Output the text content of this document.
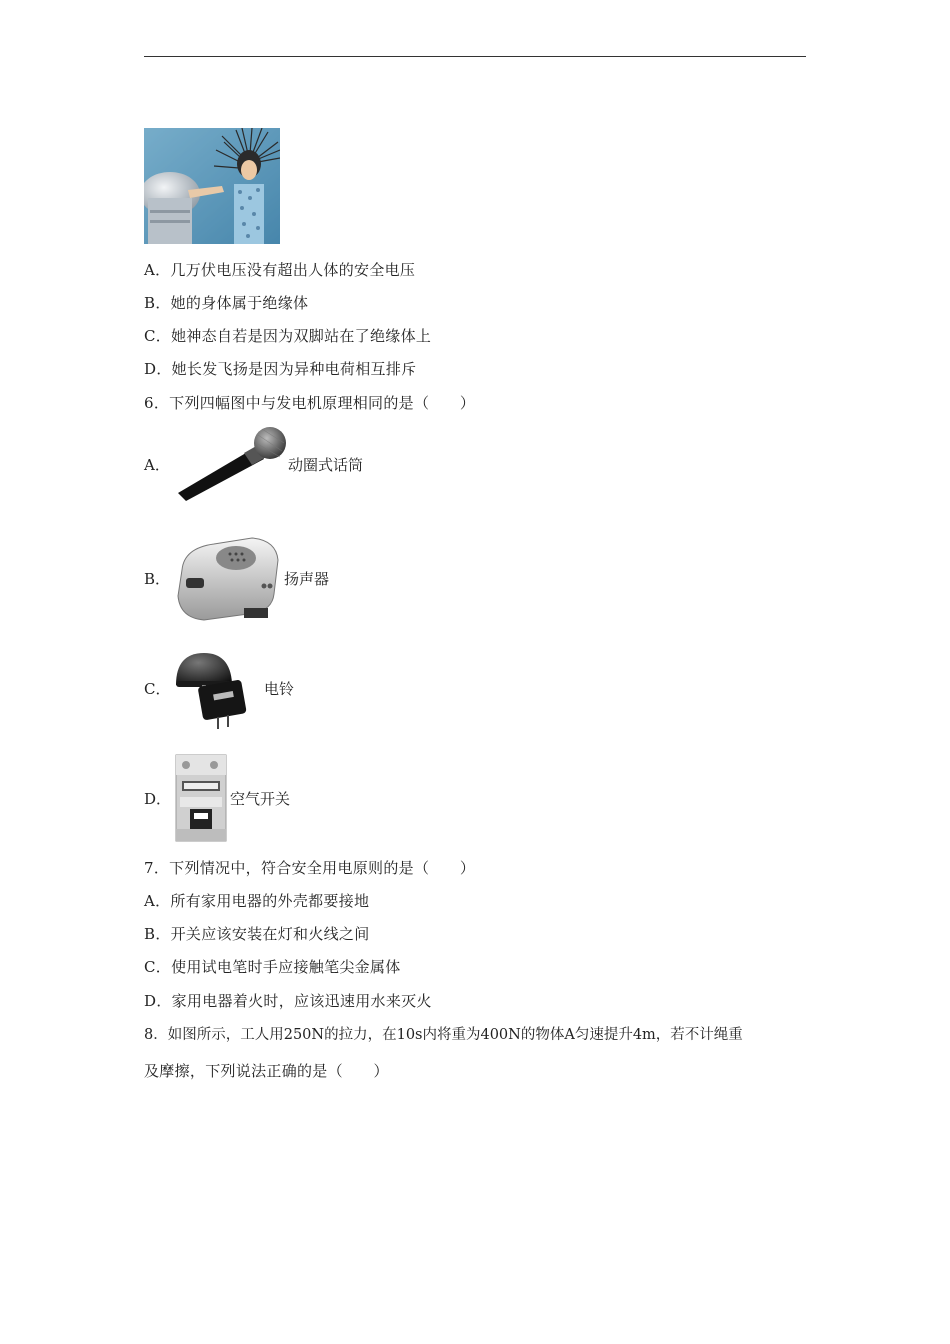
A．几万伏电压没有超出人体的安全电压
B．她的身体属于绝缘体
C．她神态自若是因为双脚站在了绝缘体上
D．她长发飞扬是因为异种电荷相互排斥
6．下列四幅图中与发电机原理相同的是（　　）
A．	动圈式话筒
B．	扬声器
C．	电铃
D．	空气开关
7．下列情况中，符合安全用电原则的是（　　）
A．所有家用电器的外壳都要接地
B．开关应该安装在灯和火线之间
C．使用试电笔时手应接触笔尖金属体
D．家用电器着火时，应该迅速用水来灭火
8．如图所示，工人用250N的拉力，在10s内将重为400N的物体A匀速提升4m，若不计绳重
及摩擦，下列说法正确的是（　　）
